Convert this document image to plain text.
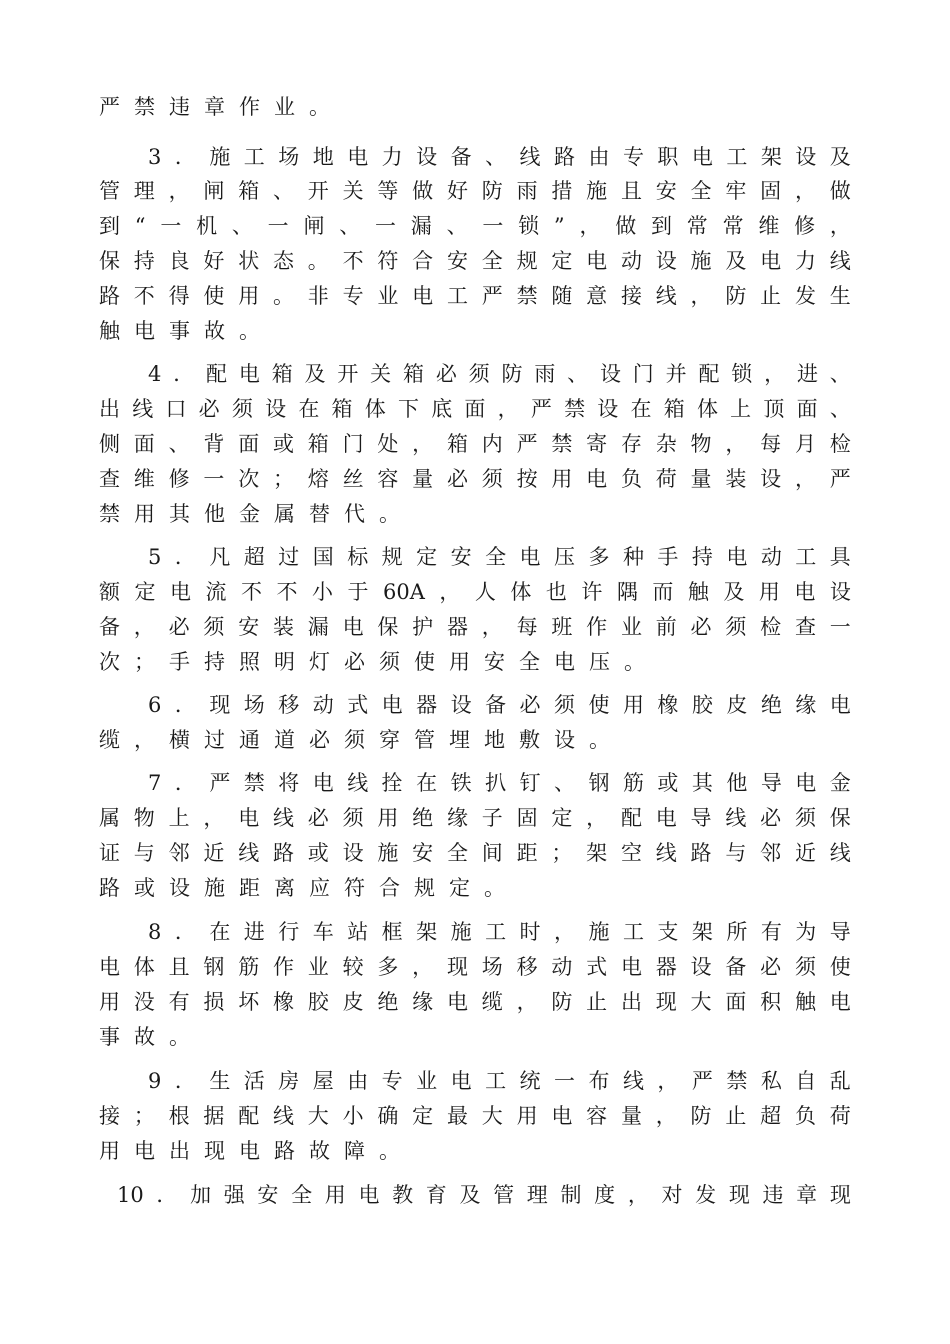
严 禁 违 章 作 业 。
3 ． 施 工 场 地 电 力 设 备 、 线 路 由 专 职 电 工 架 设 及
管 理 ， 闸 箱 、 开 关 等 做 好 防 雨 措 施 且 安 全 牢 固 ， 做
到 “ 一 机 、 一 闸 、 一 漏 、 一 锁 ” ， 做 到 常 常 维 修 ，
保 持 良 好 状 态 。 不 符 合 安 全 规 定 电 动 设 施 及 电 力 线
路 不 得 使 用 。 非 专 业 电 工 严 禁 随 意 接 线 ， 防 止 发 生
触 电 事 故 。
4 ． 配 电 箱 及 开 关 箱 必 须 防 雨 、 设 门 并 配 锁 ， 进 、
出 线 口 必 须 设 在 箱 体 下 底 面 ， 严 禁 设 在 箱 体 上 顶 面 、
侧 面 、 背 面 或 箱 门 处 ， 箱 内 严 禁 寄 存 杂 物 ， 每 月 检
查 维 修 一 次 ； 熔 丝 容 量 必 须 按 用 电 负 荷 量 装 设 ， 严
禁 用 其 他 金 属 替 代 。
5 ． 凡 超 过 国 标 规 定 安 全 电 压 多 种 手 持 电 动 工 具
额 定 电 流 不 不 小 于 60A ， 人 体 也 许 隅 而 触 及 用 电 设
备 ， 必 须 安 装 漏 电 保 护 器 ， 每 班 作 业 前 必 须 检 查 一
次 ； 手 持 照 明 灯 必 须 使 用 安 全 电 压 。
6 ． 现 场 移 动 式 电 器 设 备 必 须 使 用 橡 胶 皮 绝 缘 电
缆 ， 横 过 通 道 必 须 穿 管 埋 地 敷 设 。
7 ． 严 禁 将 电 线 拴 在 铁 扒 钉 、 钢 筋 或 其 他 导 电 金
属 物 上 ， 电 线 必 须 用 绝 缘 子 固 定 ， 配 电 导 线 必 须 保
证 与 邻 近 线 路 或 设 施 安 全 间 距 ； 架 空 线 路 与 邻 近 线
路 或 设 施 距 离 应 符 合 规 定 。
8 ． 在 进 行 车 站 框 架 施 工 时 ， 施 工 支 架 所 有 为 导
电 体 且 钢 筋 作 业 较 多 ， 现 场 移 动 式 电 器 设 备 必 须 使
用 没 有 损 坏 橡 胶 皮 绝 缘 电 缆 ， 防 止 出 现 大 面 积 触 电
事 故 。
9 ． 生 活 房 屋 由 专 业 电 工 统 一 布 线 ， 严 禁 私 自 乱
接 ； 根 据 配 线 大 小 确 定 最 大 用 电 容 量 ， 防 止 超 负 荷
用 电 出 现 电 路 故 障 。
10 ． 加 强 安 全 用 电 教 育 及 管 理 制 度 ， 对 发 现 违 章 现
